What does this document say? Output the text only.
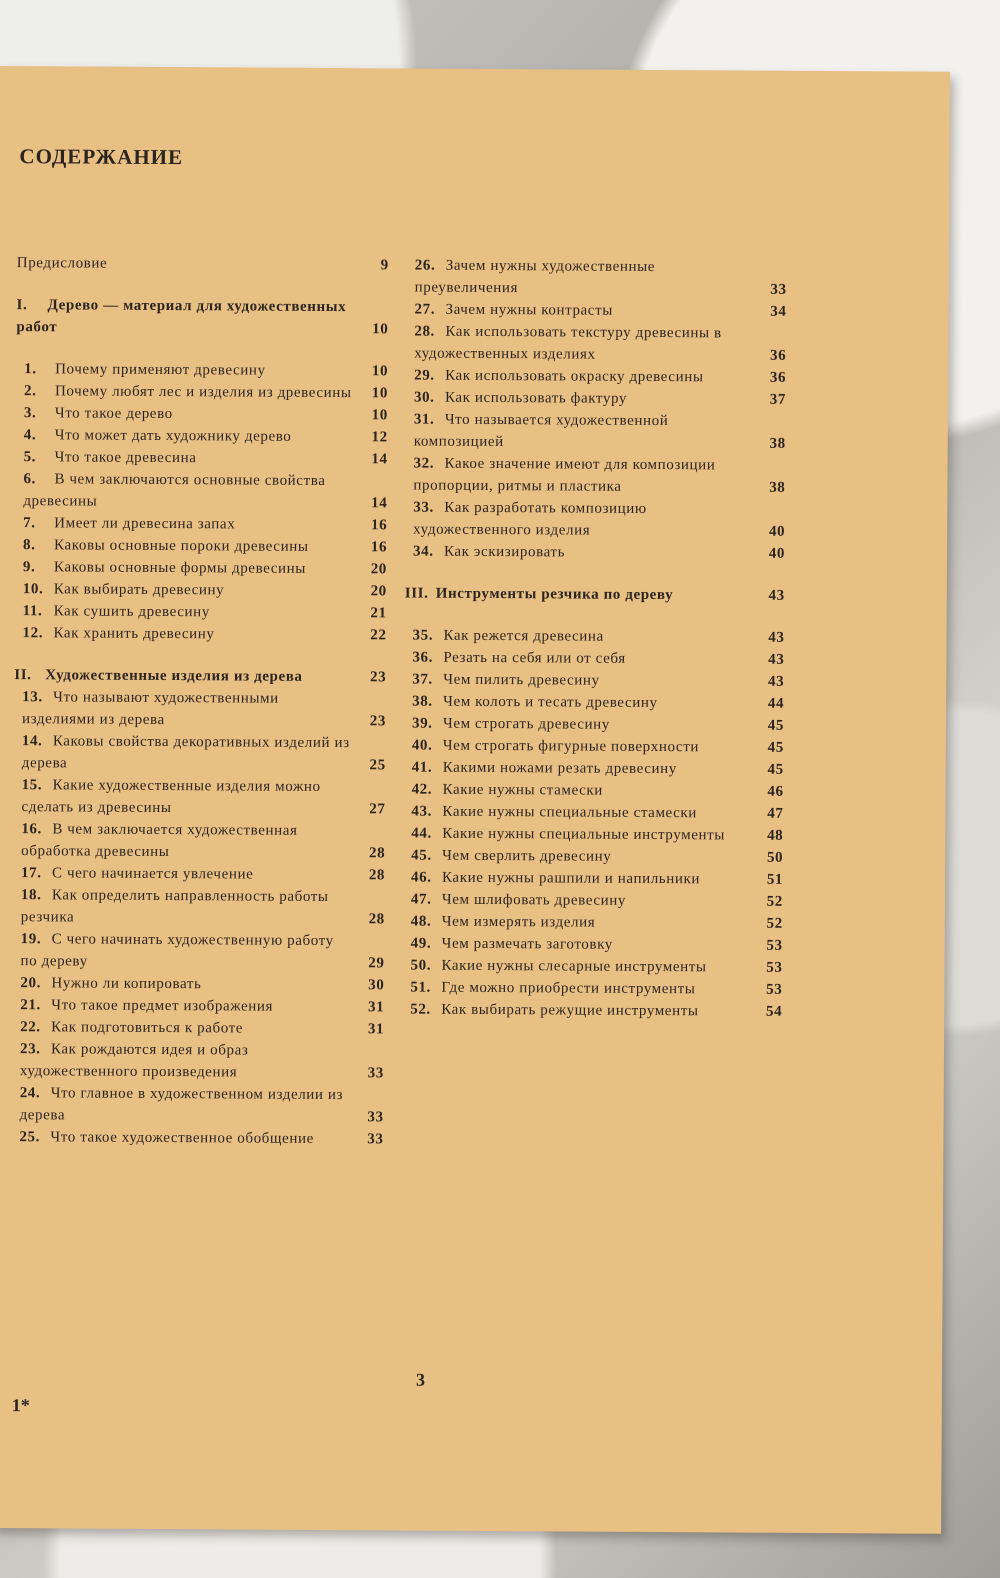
СОДЕРЖАНИЕ
Предисловие	9
I. Дерево — материал для художественных работ	10
1. Почему применяют древесину	10
2. Почему любят лес и изделия из древесины	10
3. Что такое дерево	10
4. Что может дать художнику дерево	12
5. Что такое древесина	14
6. В чем заключаются основные свойства древесины	14
7. Имеет ли древесина запах	16
8. Каковы основные пороки древесины	16
9. Каковы основные формы древесины	20
10. Как выбирать древесину	20
11. Как сушить древесину	21
12. Как хранить древесину	22
II. Художественные изделия из дерева	23
13. Что называют художественными изделиями из дерева	23
14. Каковы свойства декоративных изделий из дерева	25
15. Какие художественные изделия можно сделать из древесины	27
16. В чем заключается художественная обработка древесины	28
17. С чего начинается увлечение	28
18. Как определить направленность работы резчика	28
19. С чего начинать художественную работу по дереву	29
20. Нужно ли копировать	30
21. Что такое предмет изображения	31
22. Как подготовиться к работе	31
23. Как рождаются идея и образ художественного произведения	33
24. Что главное в художественном изделии из дерева	33
25. Что такое художественное обобщение	33
26. Зачем нужны художественные преувеличения	33
27. Зачем нужны контрасты	34
28. Как использовать текстуру древесины в художественных изделиях	36
29. Как использовать окраску древесины	36
30. Как использовать фактуру	37
31. Что называется художественной композицией	38
32. Какое значение имеют для композиции пропорции, ритмы и пластика	38
33. Как разработать композицию художественного изделия	40
34. Как эскизировать	40
III. Инструменты резчика по дереву	43
35. Как режется древесина	43
36. Резать на себя или от себя	43
37. Чем пилить древесину	43
38. Чем колоть и тесать древесину	44
39. Чем строгать древесину	45
40. Чем строгать фигурные поверхности	45
41. Какими ножами резать древесину	45
42. Какие нужны стамески	46
43. Какие нужны специальные стамески	47
44. Какие нужны специальные инструменты	48
45. Чем сверлить древесину	50
46. Какие нужны рашпили и напильники	51
47. Чем шлифовать древесину	52
48. Чем измерять изделия	52
49. Чем размечать заготовку	53
50. Какие нужны слесарные инструменты	53
51. Где можно приобрести инструменты	53
52. Как выбирать режущие инструменты	54
3
1*
